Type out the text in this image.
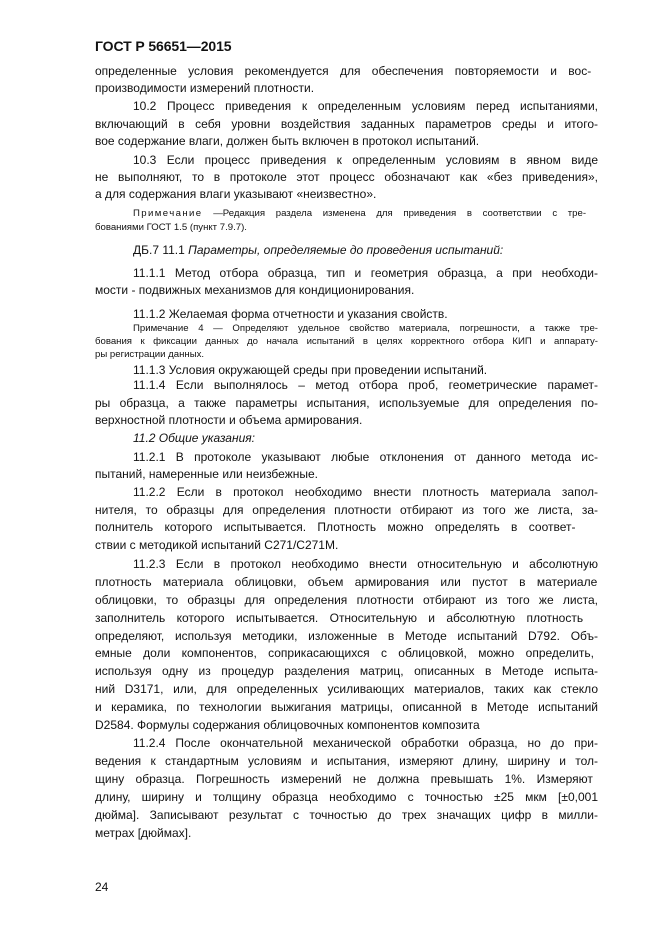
ГОСТ Р 56651—2015
определенные условия рекомендуется для обеспечения повторяемости и вос-
производимости измерений плотности.
10.2 Процесс приведения к определенным условиям перед испытаниями,
включающий в себя уровни воздействия заданных параметров среды и итого-
вое содержание влаги, должен быть включен в протокол испытаний.
10.3 Если процесс приведения к определенным условиям в явном виде
не выполняют, то в протоколе этот процесс обозначают как «без приведения»,
а для содержания влаги указывают «неизвестно».
Примечание —Редакция раздела изменена для приведения в соответствии с тре-
бованиями ГОСТ 1.5 (пункт 7.9.7).
ДБ.7 11.1 Параметры, определяемые до проведения испытаний:
11.1.1 Метод отбора образца, тип и геометрия образца, а при необходи-
мости - подвижных механизмов для кондиционирования.
11.1.2 Желаемая форма отчетности и указания свойств.
Примечание 4 — Определяют удельное свойство материала, погрешности, а также тре-
бования к фиксации данных до начала испытаний в целях корректного отбора КИП и аппарату-
ры регистрации данных.
11.1.3 Условия окружающей среды при проведении испытаний.
11.1.4 Если выполнялось – метод отбора проб, геометрические парамет-
ры образца, а также параметры испытания, используемые для определения по-
верхностной плотности и объема армирования.
11.2 Общие указания:
11.2.1 В протоколе указывают любые отклонения от данного метода ис-
пытаний, намеренные или неизбежные.
11.2.2 Если в протокол необходимо внести плотность материала запол-
нителя, то образцы для определения плотности отбирают из того же листа, за-
полнитель которого испытывается. Плотность можно определять в соответ-
ствии с методикой испытаний C271/C271M.
11.2.3 Если в протокол необходимо внести относительную и абсолютную
плотность материала облицовки, объем армирования или пустот в материале
облицовки, то образцы для определения плотности отбирают из того же листа,
заполнитель которого испытывается. Относительную и абсолютную плотность
определяют, используя методики, изложенные в Методе испытаний D792. Объ-
емные доли компонентов, соприкасающихся с облицовкой, можно определить,
используя одну из процедур разделения матриц, описанных в Методе испыта-
ний D3171, или, для определенных усиливающих материалов, таких как стекло
и керамика, по технологии выжигания матрицы, описанной в Методе испытаний
D2584. Формулы содержания облицовочных компонентов композита
11.2.4 После окончательной механической обработки образца, но до при-
ведения к стандартным условиям и испытания, измеряют длину, ширину и тол-
щину образца. Погрешность измерений не должна превышать 1%. Измеряют
длину, ширину и толщину образца необходимо с точностью ±25 мкм [±0,001
дюйма]. Записывают результат с точностью до трех значащих цифр в милли-
метрах [дюймах].
24
